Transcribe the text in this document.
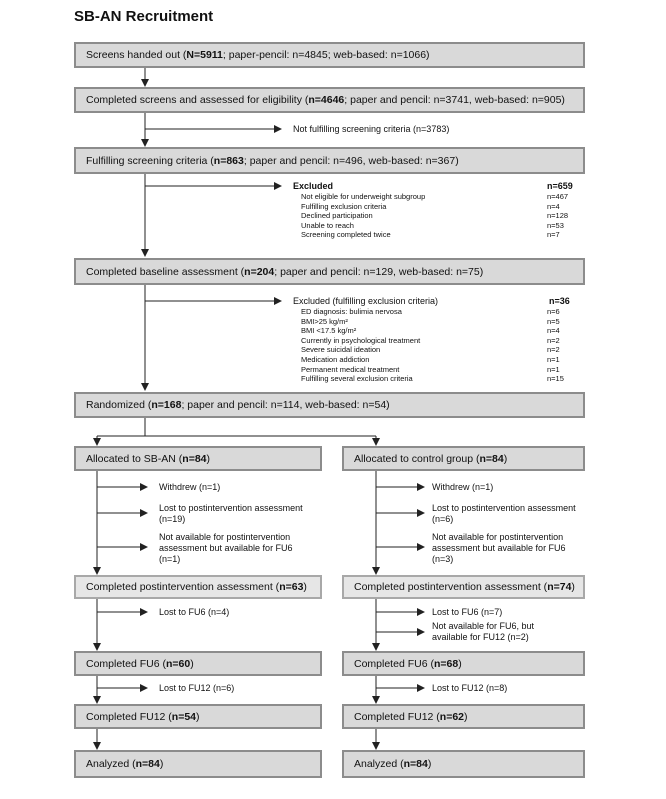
SB-AN Recruitment
Screens handed out ( N=5911 ; paper-pencil: n=4845; web-based: n=1066)
Completed screens and assessed for eligibility ( n=4646 ; paper and pencil: n=3741, web-based: n=905)
Not fulfilling screening criteria (n=3783)
Fulfilling screening criteria ( n=863 ; paper and pencil: n=496, web-based: n=367)
Excluded	n=659
Not eligible for underweight subgroup	n=467
Fulfilling exclusion criteria	n=4
Declined participation	n=128
Unable to reach	n=53
Screening completed twice	n=7
Completed baseline assessment ( n=204 ; paper and pencil: n=129, web-based: n=75)
Excluded (fulfilling exclusion criteria)	n=36
ED diagnosis: bulimia nervosa	n=6
BMI>25 kg/m²	n=5
BMI <17.5 kg/m²	n=4
Currently in psychological treatment	n=2
Severe suicidal ideation	n=2
Medication addiction	n=1
Permanent medical treatment	n=1
Fulfilling several exclusion criteria	n=15
Randomized ( n=168 ; paper and pencil: n=114, web-based: n=54)
Allocated to SB-AN ( n=84 )
Withdrew (n=1)
Lost to postintervention assessment
(n=19)
Not available for postintervention
assessment but available for FU6
(n=1)
Completed postintervention assessment ( n=63 )
Lost to FU6 (n=4)
Completed FU6 ( n=60 )
Lost to FU12 (n=6)
Completed FU12 ( n=54 )
Analyzed ( n=84 )
Allocated to control group ( n=84 )
Withdrew (n=1)
Lost to postintervention assessment
(n=6)
Not available for postintervention
assessment but available for FU6
(n=3)
Completed postintervention assessment ( n=74 )
Lost to FU6 (n=7)
Not available for FU6, but
available for FU12 (n=2)
Completed FU6 ( n=68 )
Lost to FU12 (n=8)
Completed FU12 ( n=62 )
Analyzed ( n=84 )
